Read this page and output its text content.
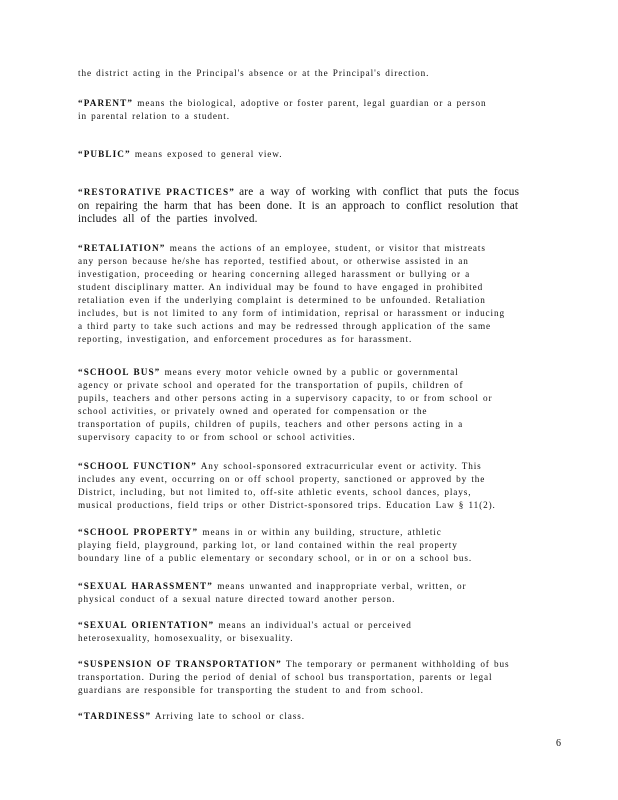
the district acting in the Principal's absence or at the Principal's direction.

“PARENT” means the biological, adoptive or foster parent, legal guardian or a person
in parental relation to a student.

“PUBLIC” means exposed to general view.

“RESTORATIVE PRACTICES” are a way of working with conflict that puts the focus
on repairing the harm that has been done. It is an approach to conflict resolution that
includes all of the parties involved.

“RETALIATION” means the actions of an employee, student, or visitor that mistreats
any person because he/she has reported, testified about, or otherwise assisted in an
investigation, proceeding or hearing concerning alleged harassment or bullying or a
student disciplinary matter. An individual may be found to have engaged in prohibited
retaliation even if the underlying complaint is determined to be unfounded. Retaliation
includes, but is not limited to any form of intimidation, reprisal or harassment or inducing
a third party to take such actions and may be redressed through application of the same
reporting, investigation, and enforcement procedures as for harassment.

“SCHOOL BUS” means every motor vehicle owned by a public or governmental
agency or private school and operated for the transportation of pupils, children of
pupils, teachers and other persons acting in a supervisory capacity, to or from school or
school activities, or privately owned and operated for compensation or the
transportation of pupils, children of pupils, teachers and other persons acting in a
supervisory capacity to or from school or school activities.

“SCHOOL FUNCTION” Any school-sponsored extracurricular event or activity. This
includes any event, occurring on or off school property, sanctioned or approved by the
District, including, but not limited to, off-site athletic events, school dances, plays,
musical productions, field trips or other District-sponsored trips. Education Law § 11(2).

“SCHOOL PROPERTY” means in or within any building, structure, athletic
playing field, playground, parking lot, or land contained within the real property
boundary line of a public elementary or secondary school, or in or on a school bus.

“SEXUAL HARASSMENT” means unwanted and inappropriate verbal, written, or
physical conduct of a sexual nature directed toward another person.

“SEXUAL ORIENTATION” means an individual's actual or perceived
heterosexuality, homosexuality, or bisexuality.

“SUSPENSION OF TRANSPORTATION” The temporary or permanent withholding of bus
transportation. During the period of denial of school bus transportation, parents or legal
guardians are responsible for transporting the student to and from school.

“TARDINESS” Arriving late to school or class.

6
